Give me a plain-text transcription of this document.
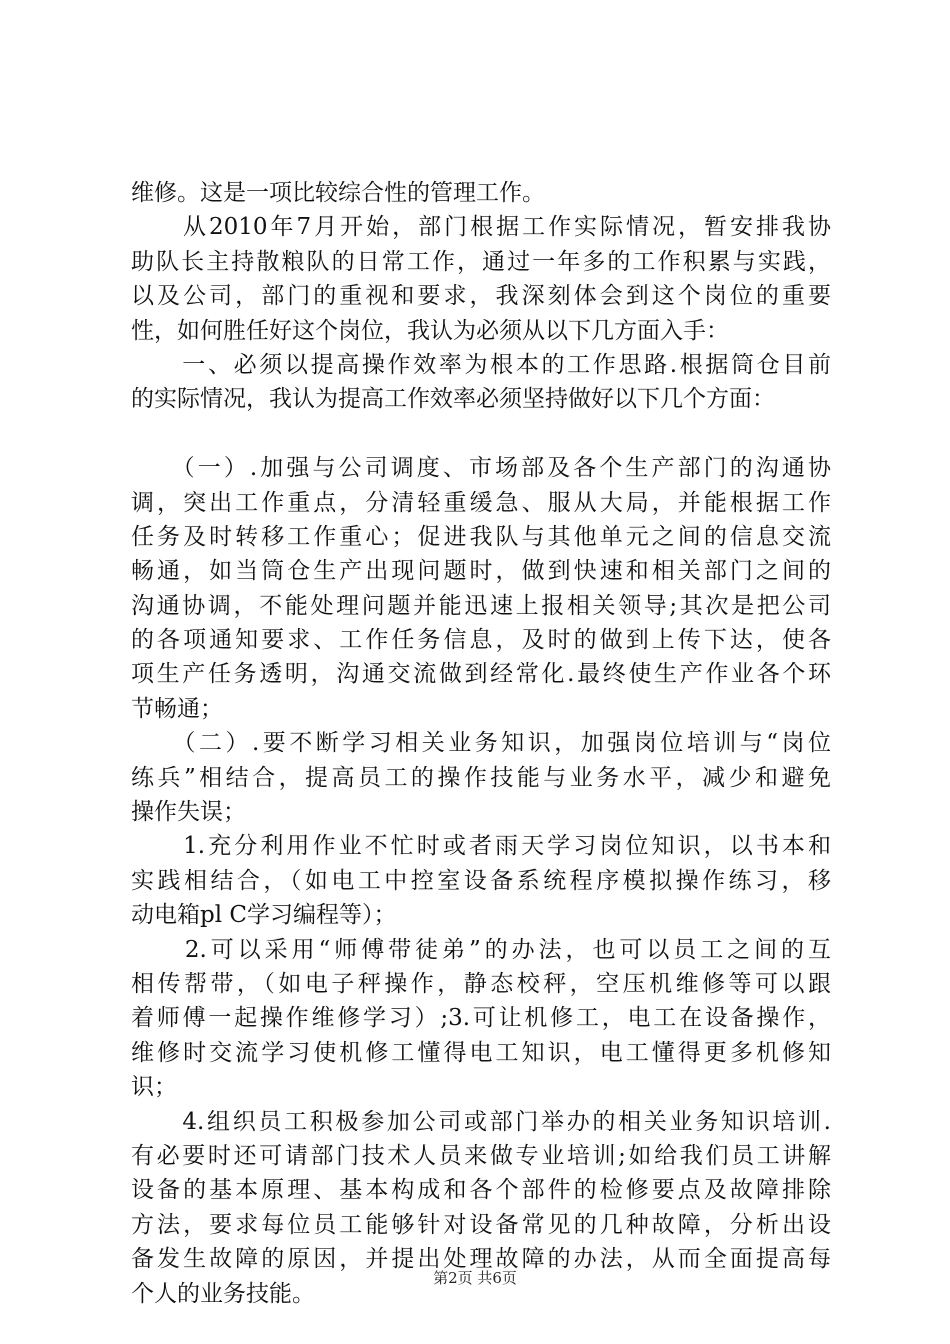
维修。这是一项比较综合性的管理工作。
　　从2010年7月开始，部门根据工作实际情况，暂安排我协
助队长主持散粮队的日常工作，通过一年多的工作积累与实践，
以及公司，部门的重视和要求，我深刻体会到这个岗位的重要
性，如何胜任好这个岗位，我认为必须从以下几方面入手：
　　一、必须以提高操作效率为根本的工作思路.根据筒仓目前
的实际情况，我认为提高工作效率必须坚持做好以下几个方面：
　　（一）.加强与公司调度、市场部及各个生产部门的沟通协
调，突出工作重点，分清轻重缓急、服从大局，并能根据工作
任务及时转移工作重心；促进我队与其他单元之间的信息交流
畅通，如当筒仓生产出现问题时，做到快速和相关部门之间的
沟通协调，不能处理问题并能迅速上报相关领导;其次是把公司
的各项通知要求、工作任务信息，及时的做到上传下达，使各
项生产任务透明，沟通交流做到经常化.最终使生产作业各个环
节畅通；
　　（二）.要不断学习相关业务知识，加强岗位培训与“岗位
练兵”相结合，提高员工的操作技能与业务水平，减少和避免
操作失误；
　　1.充分利用作业不忙时或者雨天学习岗位知识，以书本和
实践相结合，（如电工中控室设备系统程序模拟操作练习，移
动电箱pl C学习编程等）；
　　2.可以采用“师傅带徒弟”的办法，也可以员工之间的互
相传帮带，（如电子秤操作，静态校秤，空压机维修等可以跟
着师傅一起操作维修学习）;3.可让机修工，电工在设备操作，
维修时交流学习使机修工懂得电工知识，电工懂得更多机修知
识；
　　4.组织员工积极参加公司或部门举办的相关业务知识培训.
有必要时还可请部门技术人员来做专业培训;如给我们员工讲解
设备的基本原理、基本构成和各个部件的检修要点及故障排除
方法，要求每位员工能够针对设备常见的几种故障，分析出设
备发生故障的原因，并提出处理故障的办法，从而全面提高每
个人的业务技能。
第2页 共6页
